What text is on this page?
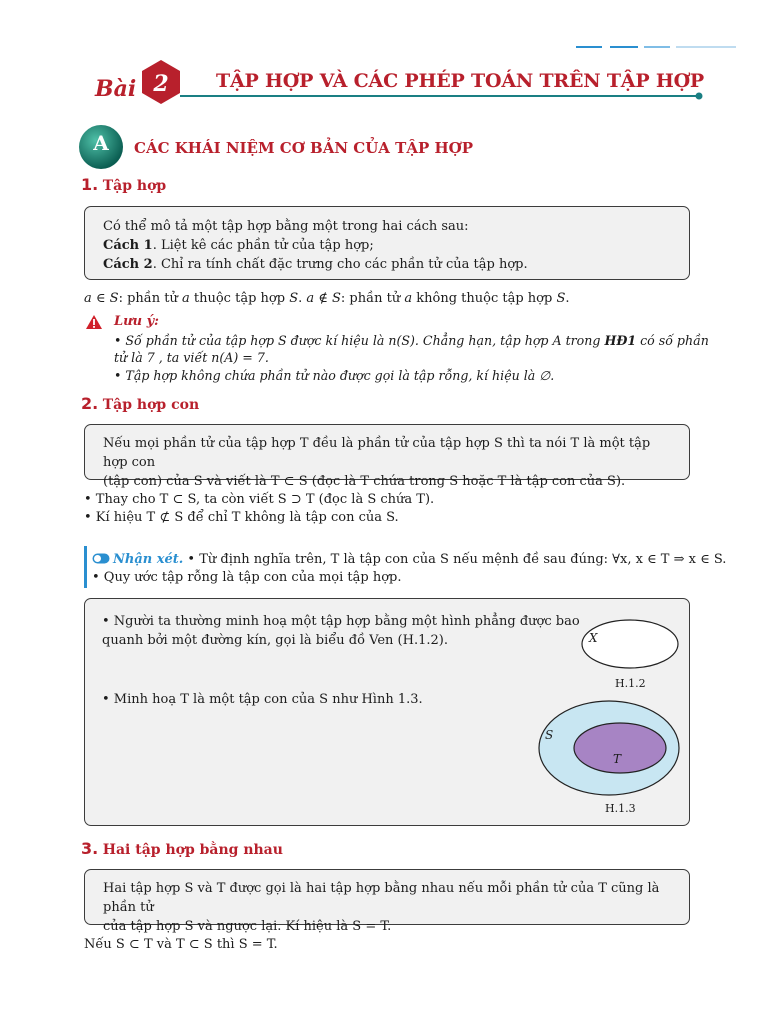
Bài 2	TẬP HỢP VÀ CÁC PHÉP TOÁN TRÊN TẬP HỢP
A	CÁC KHÁI NIỆM CƠ BẢN CỦA TẬP HỢP
1. Tập hợp

Có thể mô tả một tập hợp bằng một trong hai cách sau:

Cách 1. Liệt kê các phần tử của tập hợp;

Cách 2. Chỉ ra tính chất đặc trưng cho các phần tử của tập hợp.

a ∈ S: phần tử a thuộc tập hợp S. a ∉ S: phần tử a không thuộc tập hợp S.
Lưu ý:
• Số phần tử của tập hợp S được kí hiệu là n(S). Chẳng hạn, tập hợp A trong HĐ1 có số phần
tử là 7 , ta viết n(A) = 7.
• Tập hợp không chứa phần tử nào được gọi là tập rỗng, kí hiệu là ∅.
2. Tập hợp con

Nếu mọi phần tử của tập hợp T đều là phần tử của tập hợp S thì ta nói T là một tập hợp con

(tập con) của S và viết là T ⊂ S (đọc là T chứa trong S hoặc T là tập con của S).

• Thay cho T ⊂ S, ta còn viết S ⊃ T (đọc là S chứa T).
• Kí hiệu T ⊄ S để chỉ T không là tập con của S.
Nhận xét. • Từ định nghĩa trên, T là tập con của S nếu mệnh đề sau đúng: ∀x, x ∈ T ⇒ x ∈ S.
• Quy ước tập rỗng là tập con của mọi tập hợp.
• Người ta thường minh hoạ một tập hợp bằng một hình phẳng được bao
quanh bởi một đường kín, gọi là biểu đồ Ven (H.1.2).
• Minh hoạ T là một tập con của S như Hình 1.3.
X
H.1.2
S
T
H.1.3
3. Hai tập hợp bằng nhau

Hai tập hợp S và T được gọi là hai tập hợp bằng nhau nếu mỗi phần tử của T cũng là phần tử

của tập hợp S và ngược lại. Kí hiệu là S = T.

Nếu S ⊂ T và T ⊂ S thì S = T.
